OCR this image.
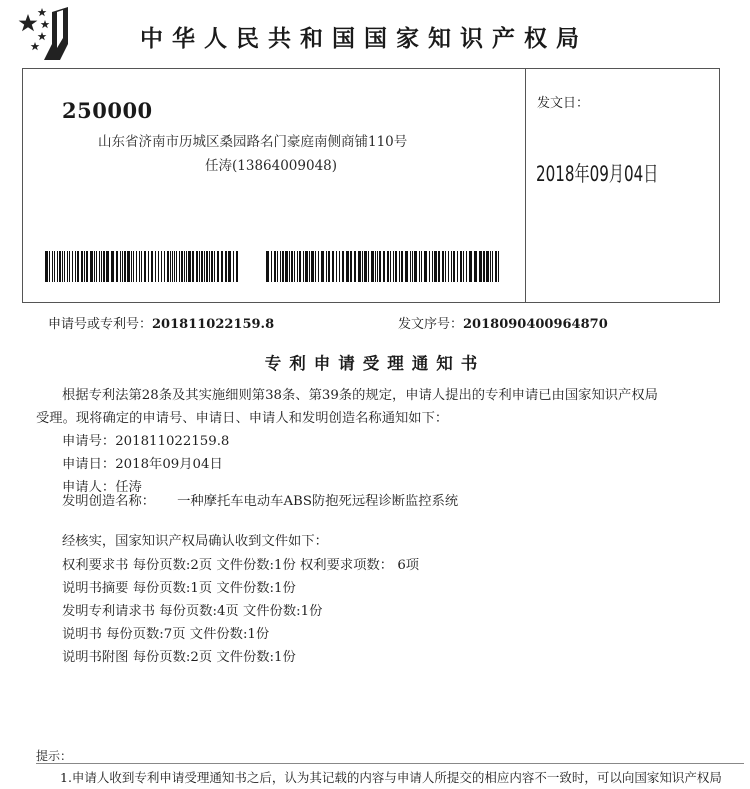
中华人民共和国国家知识产权局
250000
山东省济南市历城区桑园路名门豪庭南侧商铺110号
任涛(13864009048)
发文日：
2018年09月04日
申请号或专利号：201811022159.8	发文序号：2018090400964870
专利申请受理通知书
根据专利法第28条及其实施细则第38条、第39条的规定，申请人提出的专利申请已由国家知识产权局
受理。现将确定的申请号、申请日、申请人和发明创造名称通知如下：
申请号：201811022159.8
申请日：2018年09月04日
申请人：任涛
发明创造名称： 一种摩托车电动车ABS防抱死远程诊断监控系统
经核实，国家知识产权局确认收到文件如下：
权利要求书 每份页数:2页 文件份数:1份 权利要求项数： 6项
说明书摘要 每份页数:1页 文件份数:1份
发明专利请求书 每份页数:4页 文件份数:1份
说明书 每份页数:7页 文件份数:1份
说明书附图 每份页数:2页 文件份数:1份
提示：
1.申请人收到专利申请受理通知书之后，认为其记载的内容与申请人所提交的相应内容不一致时，可以向国家知识产权局
